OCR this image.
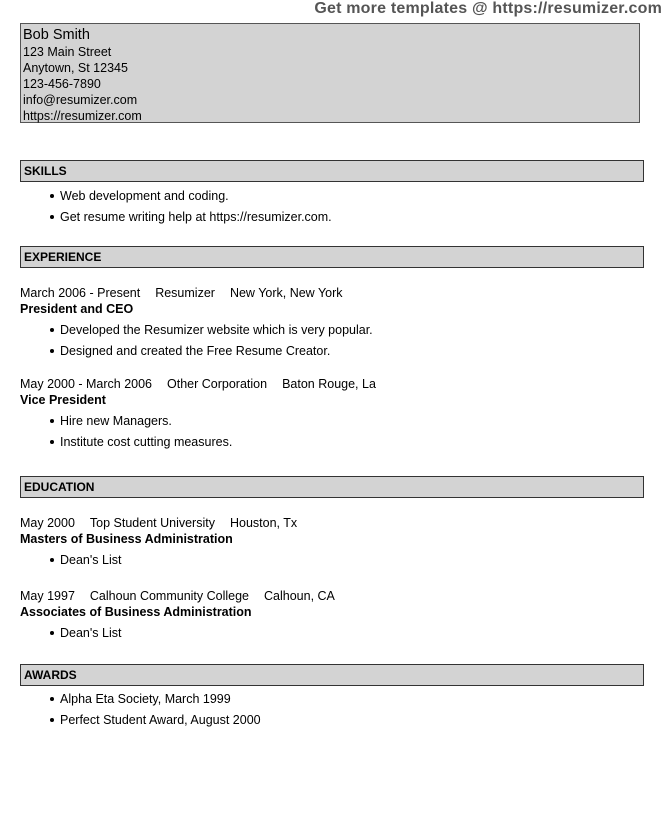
Get more templates @ https://resumizer.com
Bob Smith
123 Main Street
Anytown, St 12345
123-456-7890
info@resumizer.com
https://resumizer.com
SKILLS
Web development and coding.
Get resume writing help at https://resumizer.com.
EXPERIENCE
March 2006 - Present Resumizer New York, New York
President and CEO
Developed the Resumizer website which is very popular.
Designed and created the Free Resume Creator.
May 2000 - March 2006 Other Corporation Baton Rouge, La
Vice President
Hire new Managers.
Institute cost cutting measures.
EDUCATION
May 2000 Top Student University Houston, Tx
Masters of Business Administration
Dean's List
May 1997 Calhoun Community College Calhoun, CA
Associates of Business Administration
Dean's List
AWARDS
Alpha Eta Society, March 1999
Perfect Student Award, August 2000
